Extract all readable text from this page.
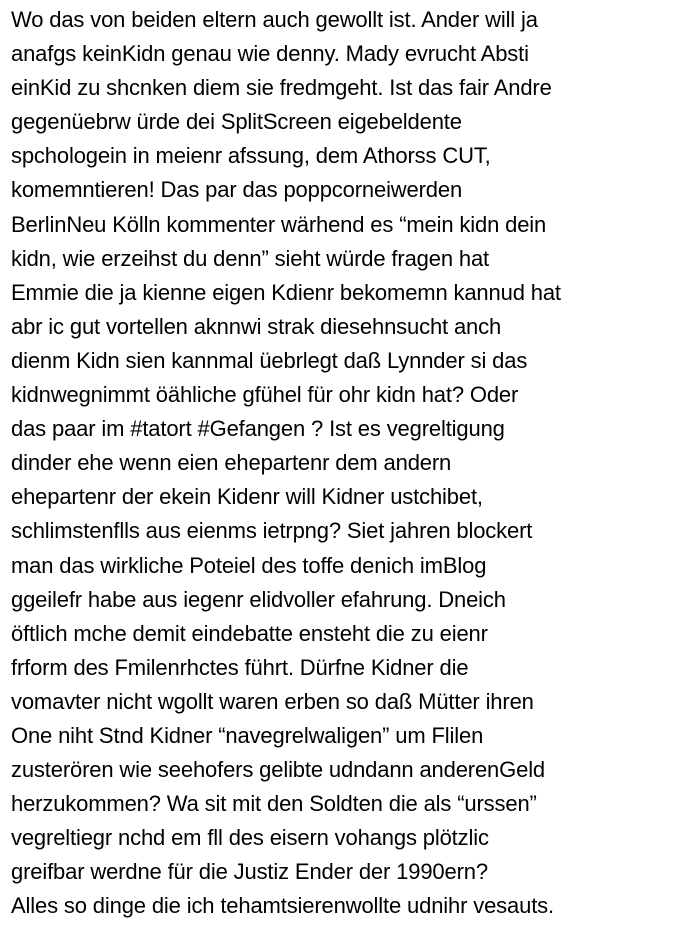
Wo das von beiden eltern auch gewollt ist. Ander will ja
anafgs keinKidn genau wie denny. Mady evrucht Absti
einKid zu shcnken diem sie fredmgeht. Ist das fair Andre
gegenüebrw ürde dei SplitScreen eigebeldente
spchologein in meienr afssung, dem Athorss CUT,
komemntieren! Das par das poppcorneiwerden
BerlinNeu Kölln kommenter wärhend es “mein kidn dein
kidn, wie erzeihst du denn” sieht würde fragen hat
Emmie die ja kienne eigen Kdienr bekomemn kannud hat
abr ic gut vortellen aknnwi strak diesehnsucht anch
dienm Kidn sien kannmal üebrlegt daß Lynnder si das
kidnwegnimmt öähliche gfühel für ohr kidn hat? Oder
das paar im #tatort #Gefangen ? Ist es vegreltigung
dinder ehe wenn eien ehepartenr dem andern
ehepartenr der ekein Kidenr will Kidner ustchibet,
schlimstenflls aus eienms ietrpng? Siet jahren blockert
man das wirkliche Poteiel des toffe denich imBlog
ggeilefr habe aus iegenr elidvoller efahrung. Dneich
öftlich mche demit eindebatte ensteht die zu eienr
frform des Fmilenrhctes führt. Dürfne Kidner die
vomavter nicht wgollt waren erben so daß Mütter ihren
One niht Stnd Kidner “navegrelwaligen” um Flilen
zusterören wie seehofers gelibte udndann anderenGeld
herzukommen? Wa sit mit den Soldten die als “urssen”
vegreltiegr nchd em fll des eisern vohangs plötzlic
greifbar werdne für die Justiz Ender der 1990ern?
Alles so dinge die ich tehamtsierenwollte udnihr vesauts.
